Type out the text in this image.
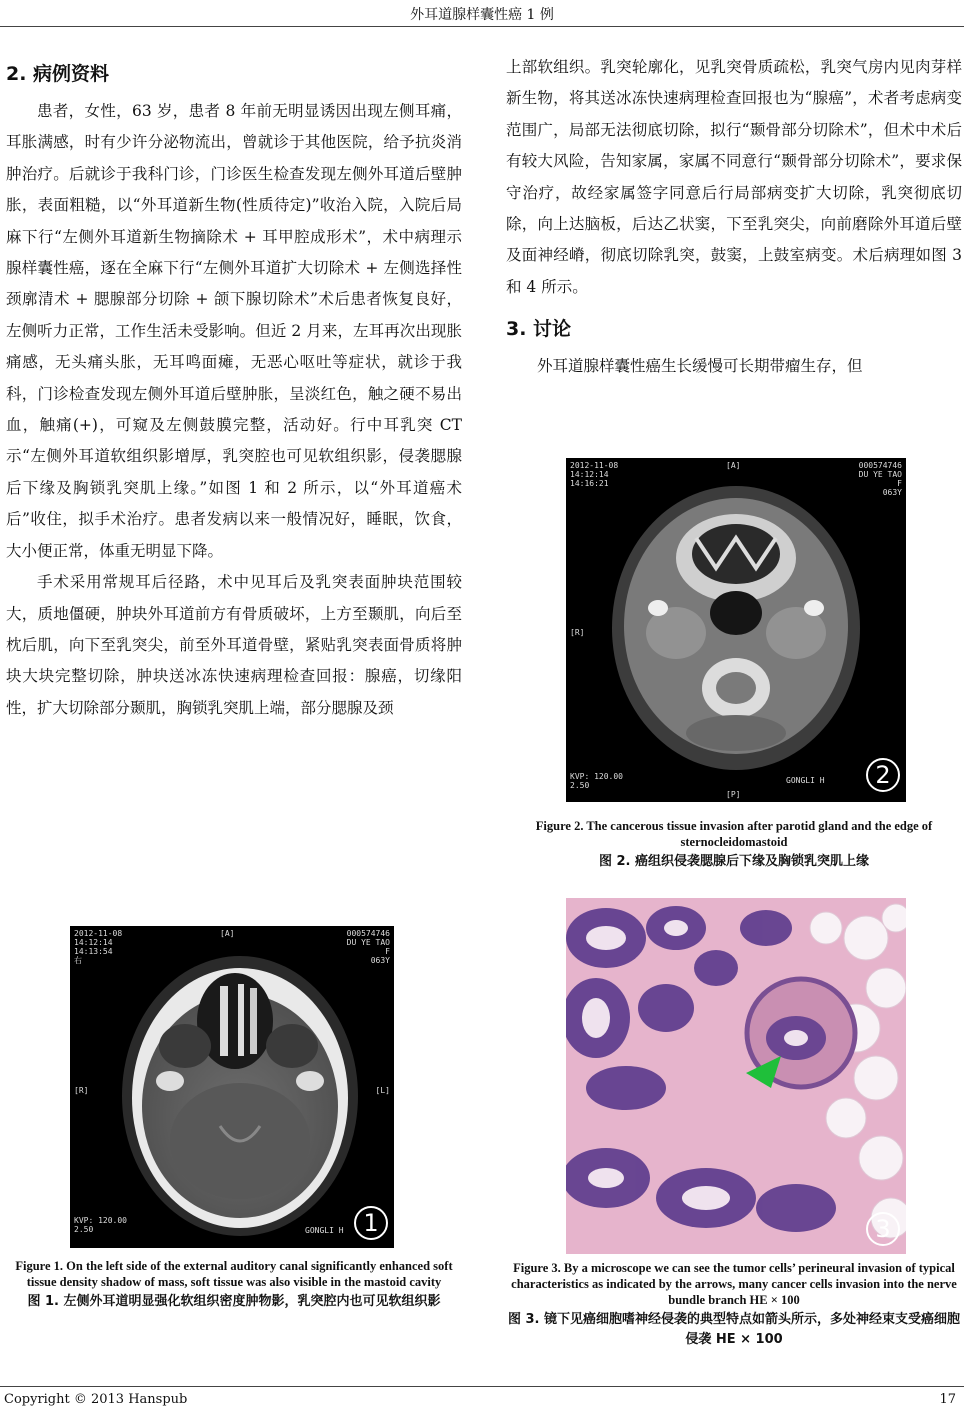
外耳道腺样囊性癌 1 例
2. 病例资料

患者，女性，63 岁，患者 8 年前无明显诱因出现左侧耳痛，耳胀满感，时有少许分泌物流出，曾就诊于其他医院，给予抗炎消肿治疗。后就诊于我科门诊，门诊医生检查发现左侧外耳道后壁肿胀，表面粗糙，以“外耳道新生物(性质待定)”收治入院，入院后局麻下行“左侧外耳道新生物摘除术 + 耳甲腔成形术”，术中病理示腺样囊性癌，逐在全麻下行“左侧外耳道扩大切除术 + 左侧选择性颈廓清术 + 腮腺部分切除 + 颌下腺切除术”术后患者恢复良好，左侧听力正常，工作生活未受影响。但近 2 月来，左耳再次出现胀痛感，无头痛头胀，无耳鸣面瘫，无恶心呕吐等症状，就诊于我科，门诊检查发现左侧外耳道后壁肿胀，呈淡红色，触之硬不易出血，触痛(+)，可窥及左侧鼓膜完整，活动好。行中耳乳突 CT 示“左侧外耳道软组织影增厚，乳突腔也可见软组织影，侵袭腮腺后下缘及胸锁乳突肌上缘。”如图 1 和 2 所示，以“外耳道癌术后”收住，拟手术治疗。患者发病以来一般情况好，睡眠，饮食，大小便正常，体重无明显下降。

手术采用常规耳后径路，术中见耳后及乳突表面肿块范围较大，质地僵硬，肿块外耳道前方有骨质破坏，上方至颞肌，向后至枕后肌，向下至乳突尖，前至外耳道骨壁，紧贴乳突表面骨质将肿块大块完整切除，肿块送冰冻快速病理检查回报：腺癌，切缘阳性，扩大切除部分颞肌，胸锁乳突肌上端，部分腮腺及颈

上部软组织。乳突轮廓化，见乳突骨质疏松，乳突气房内见肉芽样新生物，将其送冰冻快速病理检查回报也为“腺癌”，术者考虑病变范围广，局部无法彻底切除，拟行“颞骨部分切除术”，但术中术后有较大风险，告知家属，家属不同意行“颞骨部分切除术”，要求保守治疗，故经家属签字同意后行局部病变扩大切除，乳突彻底切除，向上达脑板，后达乙状窦，下至乳突尖，向前磨除外耳道后壁及面神经嵴，彻底切除乳突，鼓窦，上鼓室病变。术后病理如图 3 和 4 所示。

3. 讨论

外耳道腺样囊性癌生长缓慢可长期带瘤生存，但

2012-11-08
14:12:14
14:13:54
右
[A]	000574746
DU YE TAO
F
063Y
[R]	[L]
KVP: 120.00
2.50	GONGLI H 1
Figure 1. On the left side of the external auditory canal significantly enhanced soft tissue density shadow of mass, soft tissue was also visible in the mastoid cavity
图 1. 左侧外耳道明显强化软组织密度肿物影，乳突腔内也可见软组织影
2012-11-08
14:12:14
14:16:21
[A]	000574746
DU YE TAO
F
063Y
[R]
KVP: 120.00
2.50
GONGLI H
[P]
2
Figure 2. The cancerous tissue invasion after parotid gland and the edge of sternocleidomastoid
图 2. 癌组织侵袭腮腺后下缘及胸锁乳突肌上缘
3
Figure 3. By a microscope we can see the tumor cells’ perineural invasion of typical characteristics as indicated by the arrows, many cancer cells invasion into the nerve bundle branch HE × 100
图 3. 镜下见癌细胞嗜神经侵袭的典型特点如箭头所示，多处神经束支受癌细胞侵袭 HE × 100
Copyright © 2013 Hanspub	17
